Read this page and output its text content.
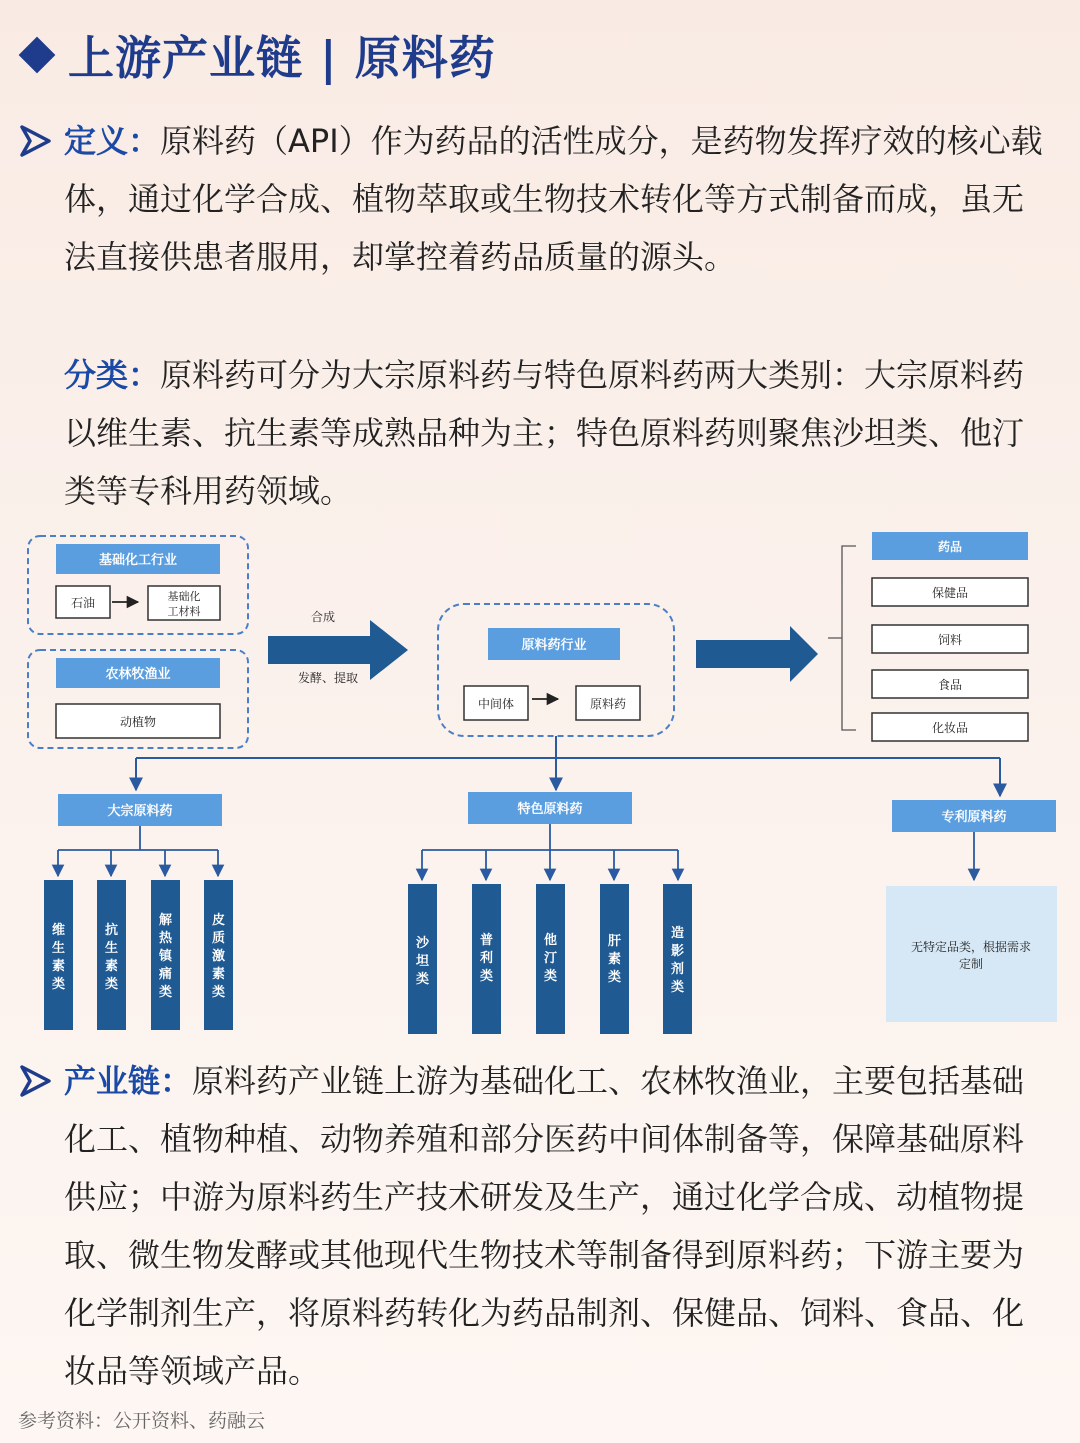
上游产业链 | 原料药
定义：原料药（API）作为药品的活性成分，是药物发挥疗效的核心载体，通过化学合成、植物萃取或生物技术转化等方式制备而成，虽无法直接供患者服用，却掌控着药品质量的源头。
分类：原料药可分为大宗原料药与特色原料药两大类别：大宗原料药以维生素、抗生素等成熟品种为主；特色原料药则聚焦沙坦类、他汀类等专科用药领域。
基础化工行业
石油	基础化工材料
农林牧渔业
动植物
合成
发酵、提取
原料药行业
中间体	原料药
药品
保健品
饲料
食品
化妆品
大宗原料药	特色原料药
专利原料药
维生素类
抗生素类
解热镇痛类
皮质激素类
沙坦类
普利类
他汀类
肝素类
造影剂类
无特定品类，根据需求定制
产业链：原料药产业链上游为基础化工、农林牧渔业，主要包括基础化工、植物种植、动物养殖和部分医药中间体制备等，保障基础原料供应；中游为原料药生产技术研发及生产，通过化学合成、动植物提取、微生物发酵或其他现代生物技术等制备得到原料药；下游主要为化学制剂生产，将原料药转化为药品制剂、保健品、饲料、食品、化妆品等领域产品。
参考资料：公开资料、药融云
